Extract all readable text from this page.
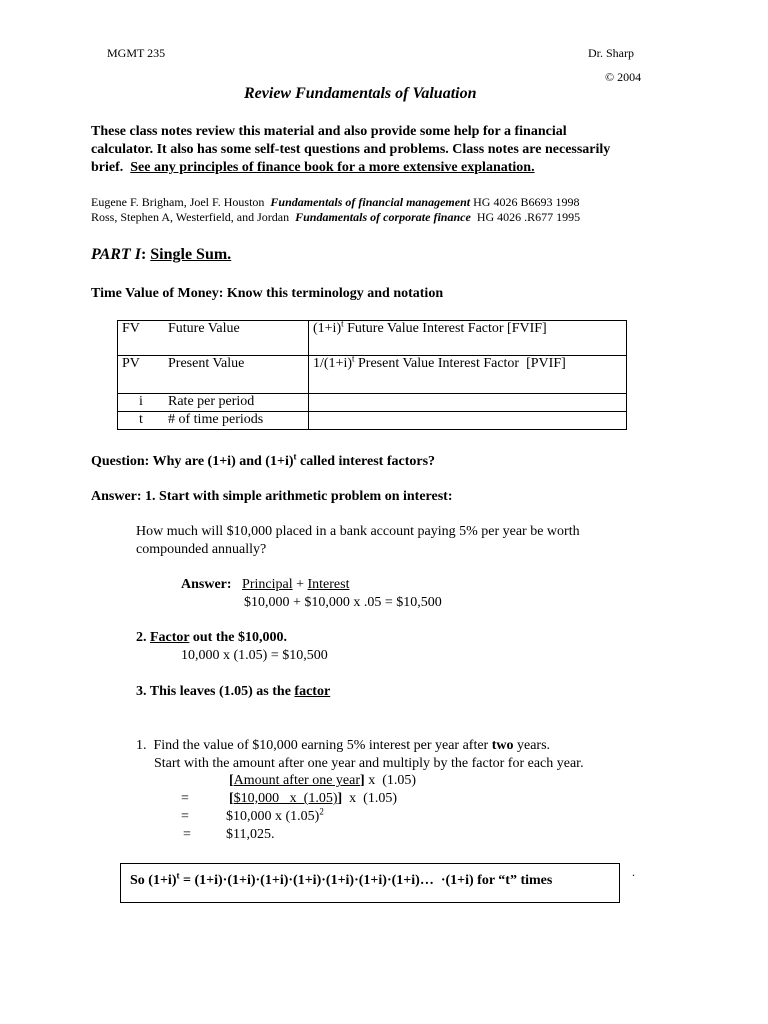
MGMT 235	Dr. Sharp
© 2004
Review Fundamentals of Valuation
These class notes review this material and also provide some help for a financial
calculator. It also has some self-test questions and problems. Class notes are necessarily
brief.  See any principles of finance book for a more extensive explanation.
Eugene F. Brigham, Joel F. Houston Fundamentals of financial management HG 4026 B6693 1998
Ross, Stephen A, Westerfield, and Jordan Fundamentals of corporate finance  HG 4026 .R677 1995
PART I: Single Sum.
Time Value of Money: Know this terminology and notation
FV	Future Value	$(1+i)^t$ Future Value Interest Factor [FVIF]
PV	Present Value	$1/(1+i)^t$ Present Value Interest Factor  [PVIF]
i	Rate per period	
t	# of time periods	
Question: Why are (1+i) and $(1+i)^t$ called interest factors?
Answer: 1. Start with simple arithmetic problem on interest:
How much will $10,000 placed in a bank account paying 5% per year be worth
compounded annually?
Answer: Principal + Interest
$10,000 + $10,000 x .05 = $10,500
2. Factor out the $10,000.
10,000 x (1.05) = $10,500
3. This leaves (1.05) as the factor
1.  Find the value of $10,000 earning 5% interest per year after two years.
Start with the amount after one year and multiply by the factor for each year.
[Amount after one year] x  (1.05)
=	[$10,000   x  (1.05)]  x  (1.05)
=	$10,000 x $(1.05)^2$
=	$11,025.
So $(1+i)^t$ = (1+i)·(1+i)·(1+i)·(1+i)·(1+i)·(1+i)·(1+i)…  ·(1+i) for “t” times
.
